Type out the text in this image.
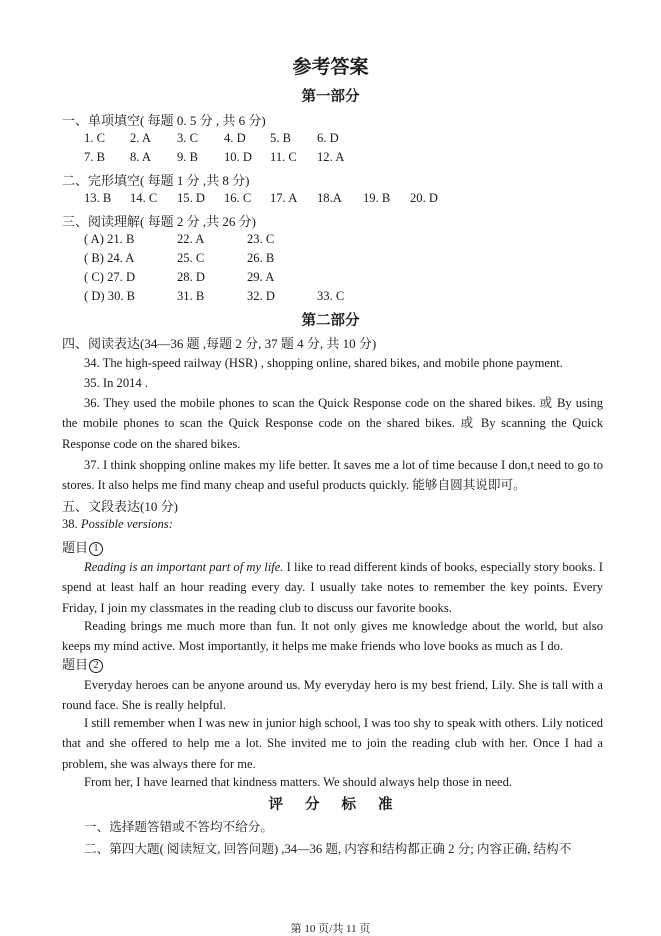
参考答案
第一部分
一、单项填空( 每题 0. 5 分 , 共 6 分)
1. C 2. A 3. C 4. D 5. B 6. D
7. B 8. A 9. B 10. D 11. C 12. A
二、完形填空( 每题 1 分 ,共 8 分)
13. B 14. C 15. D 16. C 17. A 18.A 19. B 20. D
三、阅读理解( 每题 2 分 ,共 26 分)
( A) 21. B	22. A	23. C
( B) 24. A	25. C	26. B
( C) 27. D	28. D	29. A
( D) 30. B	31. B	32. D	33. C
第二部分
四、阅读表达(34—36 题 ,每题 2 分, 37 题 4 分, 共 10 分)
34. The high-speed railway (HSR) , shopping online, shared bikes, and mobile phone payment.
35. In 2014 .
36. They used the mobile phones to scan the Quick Response code on the shared bikes. 或 By using the mobile phones to scan the Quick Response code on the shared bikes. 或 By scanning the Quick Response code on the shared bikes.
37. I think shopping online makes my life better. It saves me a lot of time because I don,t need to go to stores. It also helps me find many cheap and useful products quickly. 能够自圆其说即可。
五、文段表达(10 分)
38. Possible versions:
题目 1
Reading is an important part of my life. I like to read different kinds of books, especially story books. I spend at least half an hour reading every day. I usually take notes to remember the key points. Every Friday, I join my classmates in the reading club to discuss our favorite books.
Reading brings me much more than fun. It not only gives me knowledge about the world, but also keeps my mind active. Most importantly, it helps me make friends who love books as much as I do.
题目 2
Everyday heroes can be anyone around us. My everyday hero is my best friend, Lily. She is tall with a round face. She is really helpful.
I still remember when I was new in junior high school, I was too shy to speak with others. Lily noticed that and she offered to help me a lot. She invited me to join the reading club with her. Once I had a problem, she was always there for me.
From her, I have learned that kindness matters. We should always help those in need.
评分标准
一、选择题答错或不答均不给分。
二、第四大题( 阅读短文, 回答问题) ,34—36 题, 内容和结构都正确 2 分; 内容正确, 结构不
第 10 页/共 11 页
